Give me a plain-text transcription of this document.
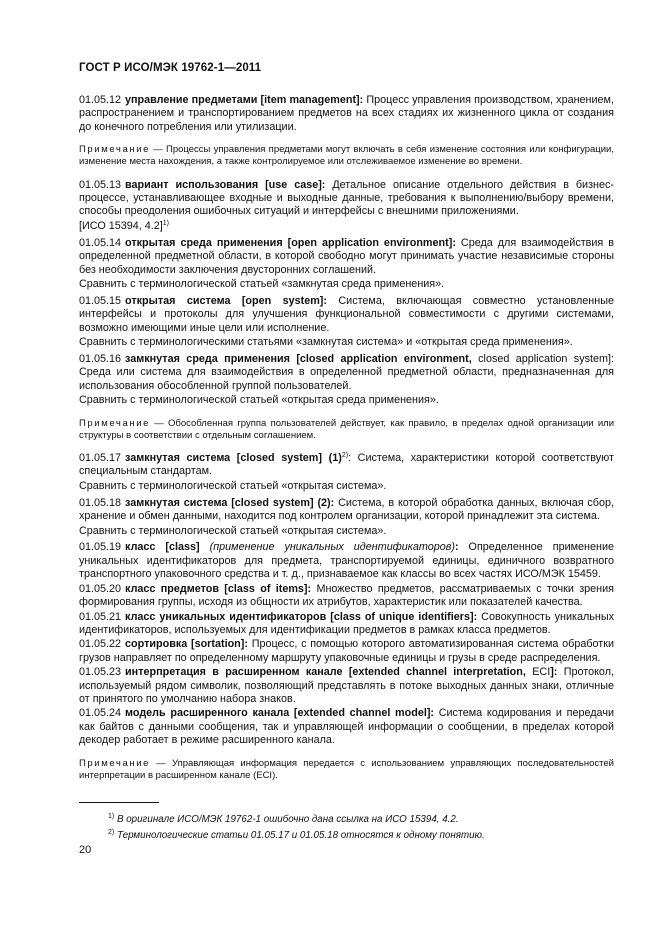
ГОСТ Р ИСО/МЭК 19762-1—2011

01.05.12 управление предметами [item management]: Процесс управления производством, хранением, распространением и транспортированием предметов на всех стадиях их жизненного цикла от создания до конечного потребления или утилизации.

Примечание — Процессы управления предметами могут включать в себя изменение состояния или конфигурации, изменение места нахождения, а также контролируемое или отслеживаемое изменение во времени.

01.05.13 вариант использования [use case]: Детальное описание отдельного действия в бизнес-процессе, устанавливающее входные и выходные данные, требования к выполнению/выбору времени, способы преодоления ошибочных ситуаций и интерфейсы с внешними приложениями.

[ИСО 15394, 4.2]$^{1)}$

01.05.14 открытая среда применения [open application environment]: Среда для взаимодействия в определенной предметной области, в которой свободно могут принимать участие независимые стороны без необходимости заключения двусторонних соглашений.

Сравнить с терминологической статьей «замкнутая среда применения».

01.05.15 открытая система [open system]: Система, включающая совместно установленные интерфейсы и протоколы для улучшения функциональной совместимости с другими системами, возможно имеющими иные цели или исполнение.

Сравнить с терминологическими статьями «замкнутая система» и «открытая среда применения».

01.05.16 замкнутая среда применения [closed application environment, closed application system]: Среда или система для взаимодействия в определенной предметной области, предназначенная для использования обособленной группой пользователей.

Сравнить с терминологической статьей «открытая среда применения».

Примечание — Обособленная группа пользователей действует, как правило, в пределах одной организации или структуры в соответствии с отдельным соглашением.

01.05.17 замкнутая система [closed system] $(1)^{2)}$: Система, характеристики которой соответствуют специальным стандартам.

Сравнить с терминологической статьей «открытая система».

01.05.18 замкнутая система [closed system] (2): Система, в которой обработка данных, включая сбор, хранение и обмен данными, находится под контролем организации, которой принадлежит эта система.

Сравнить с терминологической статьей «открытая система».

01.05.19 класс [class] (применение уникальных идентификаторов): Определенное применение уникальных идентификаторов для предмета, транспортируемой единицы, единичного возвратного транспортного упаковочного средства и т. д., признаваемое как классы во всех частях ИСО/МЭК 15459.

01.05.20 класс предметов [class of items]: Множество предметов, рассматриваемых с точки зрения формирования группы, исходя из общности их атрибутов, характеристик или показателей качества.

01.05.21 класс уникальных идентификаторов [class of unique identifiers]: Совокупность уникальных идентификаторов, используемых для идентификации предметов в рамках класса предметов.

01.05.22 сортировка [sortation]: Процесс, с помощью которого автоматизированная система обработки грузов направляет по определенному маршруту упаковочные единицы и грузы в среде распределения.

01.05.23 интерпретация в расширенном канале [extended channel interpretation, ECI]: Протокол, используемый рядом символик, позволяющий представлять в потоке выходных данных знаки, отличные от принятого по умолчанию набора знаков.

01.05.24 модель расширенного канала [extended channel model]: Система кодирования и передачи как байтов с данными сообщения, так и управляющей информации о сообщении, в пределах которой декодер работает в режиме расширенного канала.

Примечание — Управляющая информация передается с использованием управляющих последовательностей интерпретации в расширенном канале (ECI).

$^{1)}$ В оригинале ИСО/МЭК 19762-1 ошибочно дана ссылка на ИСО 15394, 4.2.

$^{2)}$ Терминологические статьи 01.05.17 и 01.05.18 относятся к одному понятию.

20
